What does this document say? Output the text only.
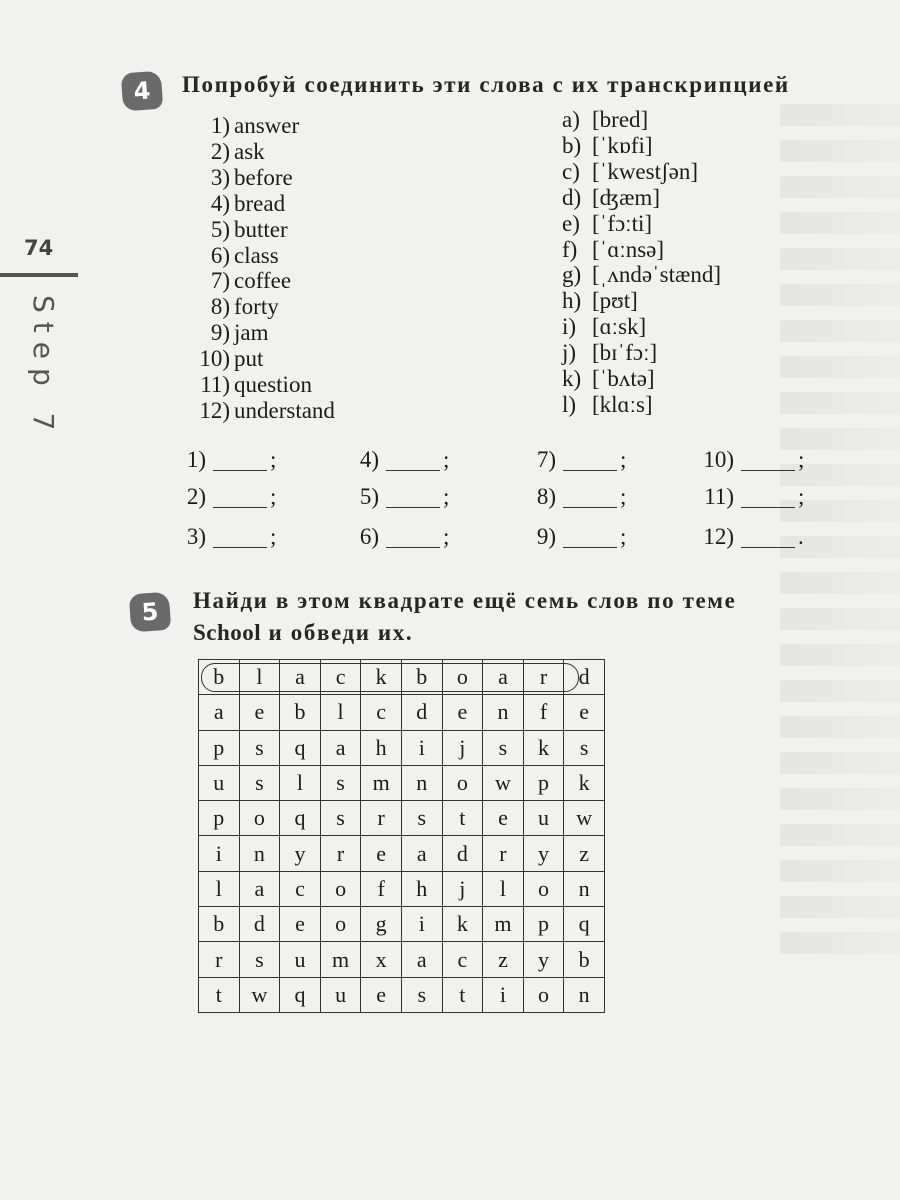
74
Step 7
4	Попробуй соединить эти слова с их транскрипцией
1) answer
2) ask
3) before
4) bread
5) butter
6) class
7) coffee
8) forty
9) jam
10) put
11) question
12) understand
a) [bred]
b) [ˈkɒfi]
c) [ˈkwestʃən]
d) [ʤæm]
e) [ˈfɔːti]
f) [ˈɑːnsə]
g) [ˌʌndəˈstænd]
h) [pʊt]
i) [ɑːsk]
j) [bɪˈfɔː]
k) [ˈbʌtə]
l) [klɑːs]
1)	;	4)	;	7)	;	10)	;
2)	;	5)	;	8)	;	11)	;
3)	;	6)	;	9)	;	12)	.
5	Найди в этом квадрате ещё семь слов по теме
School и обведи их.
b	l	a	c	k	b	o	a	r	d
a	e	b	l	c	d	e	n	f	e
p	s	q	a	h	i	j	s	k	s
u	s	l	s	m	n	o	w	p	k
p	o	q	s	r	s	t	e	u	w
i	n	y	r	e	a	d	r	y	z
l	a	c	o	f	h	j	l	o	n
b	d	e	o	g	i	k	m	p	q
r	s	u	m	x	a	c	z	y	b
t	w	q	u	e	s	t	i	o	n
